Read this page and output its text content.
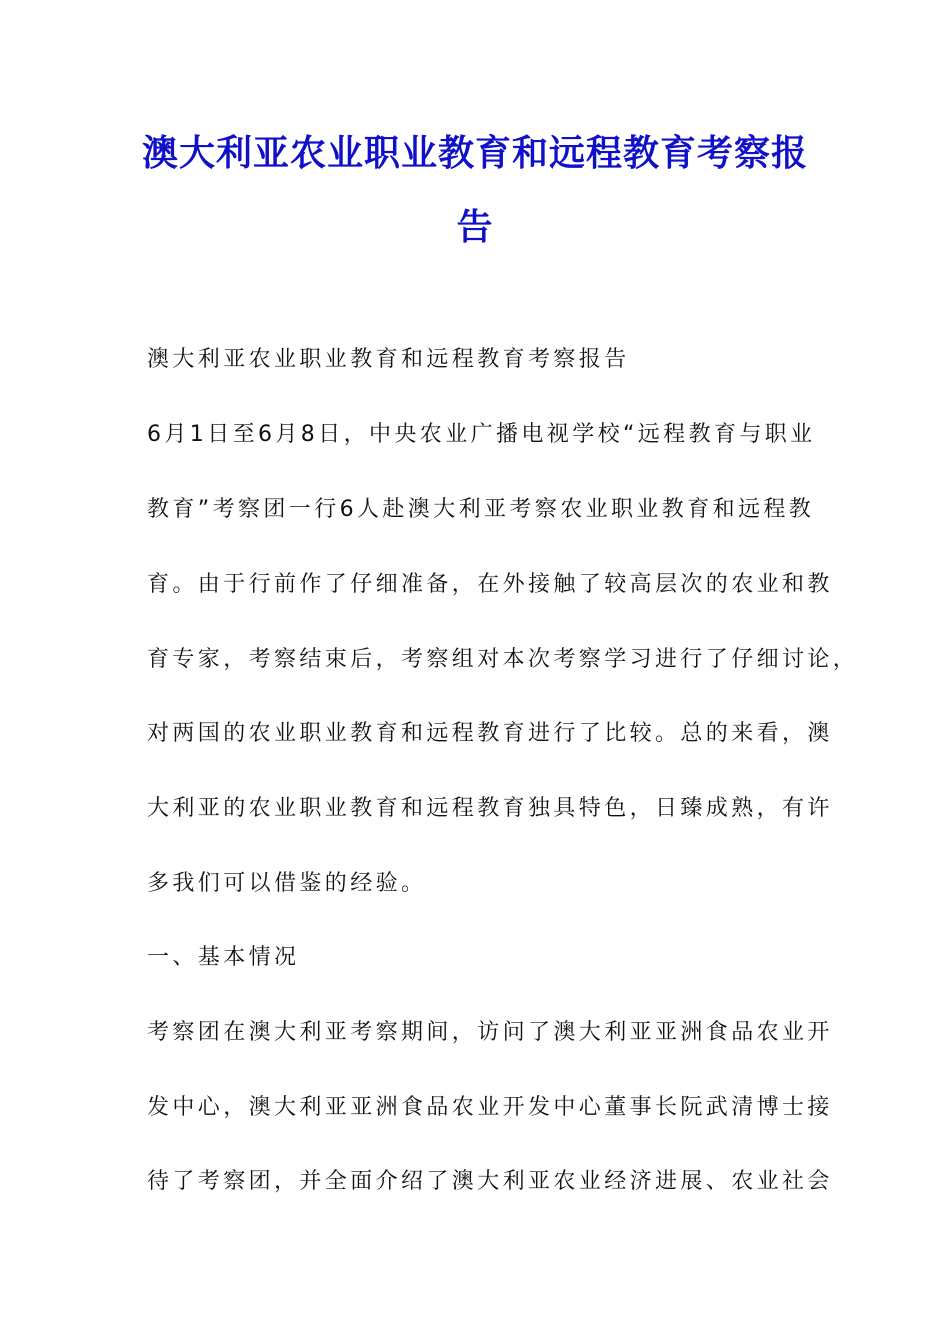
澳大利亚农业职业教育和远程教育考察报
告
澳大利亚农业职业教育和远程教育考察报告
6月1日至6月8日，中央农业广播电视学校“远程教育与职业
教育”考察团一行6人赴澳大利亚考察农业职业教育和远程教
育。由于行前作了仔细准备，在外接触了较高层次的农业和教
育专家，考察结束后，考察组对本次考察学习进行了仔细讨论，
对两国的农业职业教育和远程教育进行了比较。总的来看，澳
大利亚的农业职业教育和远程教育独具特色，日臻成熟，有许
多我们可以借鉴的经验。
一、基本情况
考察团在澳大利亚考察期间，访问了澳大利亚亚洲食品农业开
发中心，澳大利亚亚洲食品农业开发中心董事长阮武清博士接
待了考察团，并全面介绍了澳大利亚农业经济进展、农业社会
